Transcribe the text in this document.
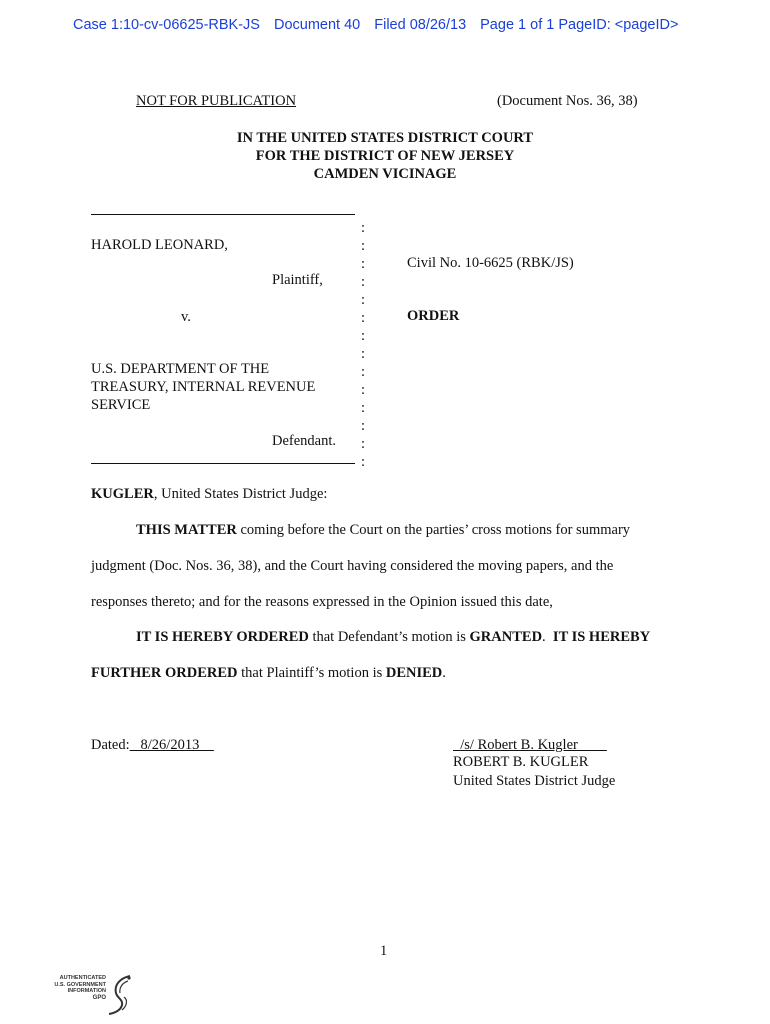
Case 1:10-cv-06625-RBK-JS Document 40 Filed 08/26/13 Page 1 of 1 PageID: <pageID>
NOT FOR PUBLICATION	(Document Nos. 36, 38)
IN THE UNITED STATES DISTRICT COURT
FOR THE DISTRICT OF NEW JERSEY
CAMDEN VICINAGE
:
:
:
:
:
:
:
:
:
:
:
:
:
:
HAROLD LEONARD,
Plaintiff,
v.
U.S. DEPARTMENT OF THE
TREASURY, INTERNAL REVENUE
SERVICE
Defendant.
Civil No. 10-6625 (RBK/JS)
ORDER
KUGLER, United States District Judge:
THIS MATTER coming before the Court on the parties’ cross motions for summary
judgment (Doc. Nos. 36, 38), and the Court having considered the moving papers, and the
responses thereto; and for the reasons expressed in the Opinion issued this date,
IT IS HEREBY ORDERED that Defendant’s motion is GRANTED.  IT IS HEREBY
FURTHER ORDERED that Plaintiff’s motion is DENIED.
Dated:   8/26/2013	/s/ Robert B. Kugler
ROBERT B. KUGLER
United States District Judge
1
AUTHENTICATED
U.S. GOVERNMENT
INFORMATION
GPO
